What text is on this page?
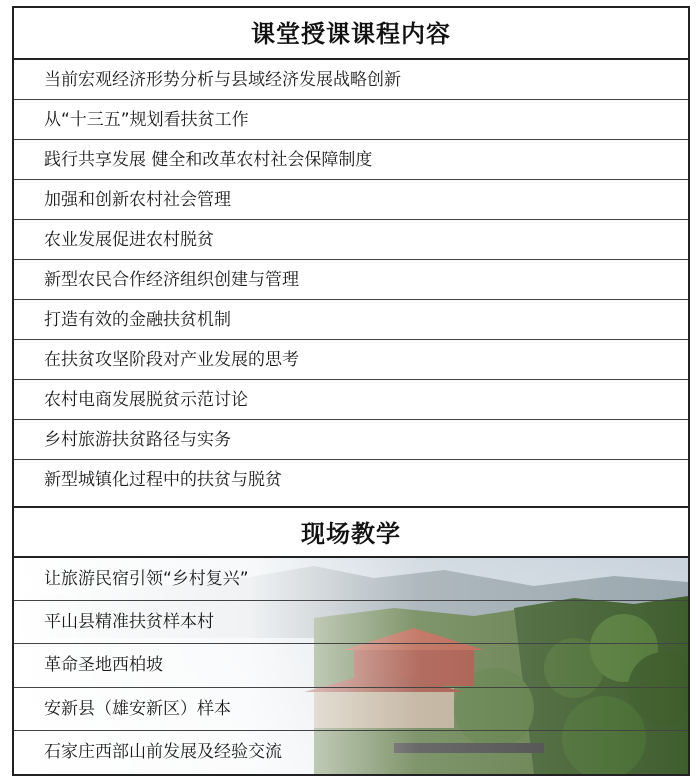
课堂授课课程内容
当前宏观经济形势分析与县域经济发展战略创新
从“十三五”规划看扶贫工作
践行共享发展 健全和改革农村社会保障制度
加强和创新农村社会管理
农业发展促进农村脱贫
新型农民合作经济组织创建与管理
打造有效的金融扶贫机制
在扶贫攻坚阶段对产业发展的思考
农村电商发展脱贫示范讨论
乡村旅游扶贫路径与实务
新型城镇化过程中的扶贫与脱贫
现场教学
让旅游民宿引领“乡村复兴”
平山县精准扶贫样本村
革命圣地西柏坡
安新县（雄安新区）样本
石家庄西部山前发展及经验交流
